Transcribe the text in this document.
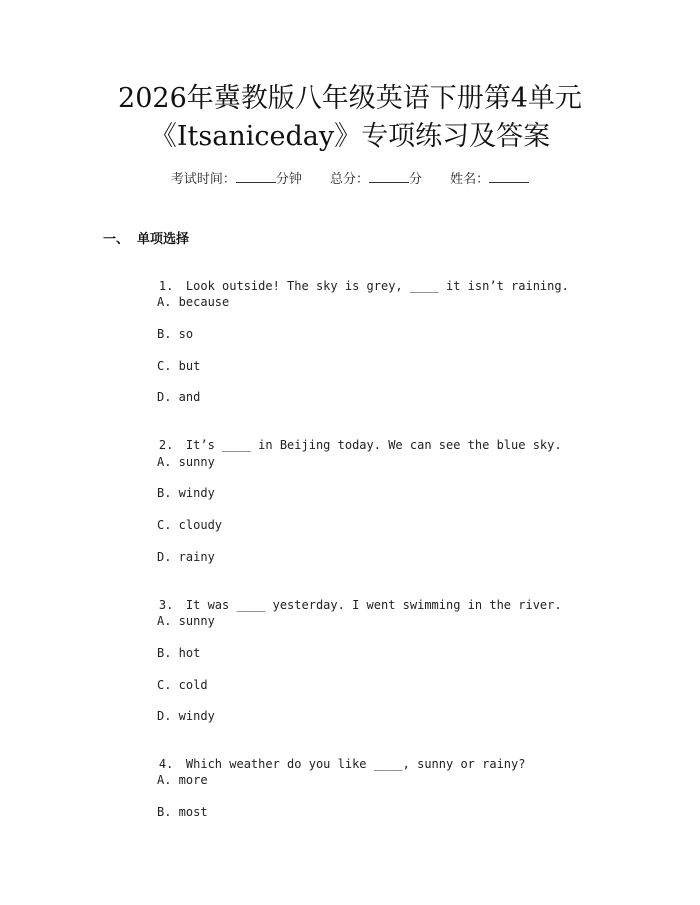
2026年冀教版八年级英语下册第4单元
《Itsaniceday》专项练习及答案
考试时间：	分钟 总分：	分 姓名：
一、 单项选择

1. Look outside! The sky is grey, ____ it isn’t raining.

A. because
B. so
C. but
D. and

2. It’s ____ in Beijing today. We can see the blue sky.

A. sunny
B. windy
C. cloudy
D. rainy

3. It was ____ yesterday. I went swimming in the river.

A. sunny
B. hot
C. cold
D. windy

4. Which weather do you like ____, sunny or rainy?

A. more
B. most
